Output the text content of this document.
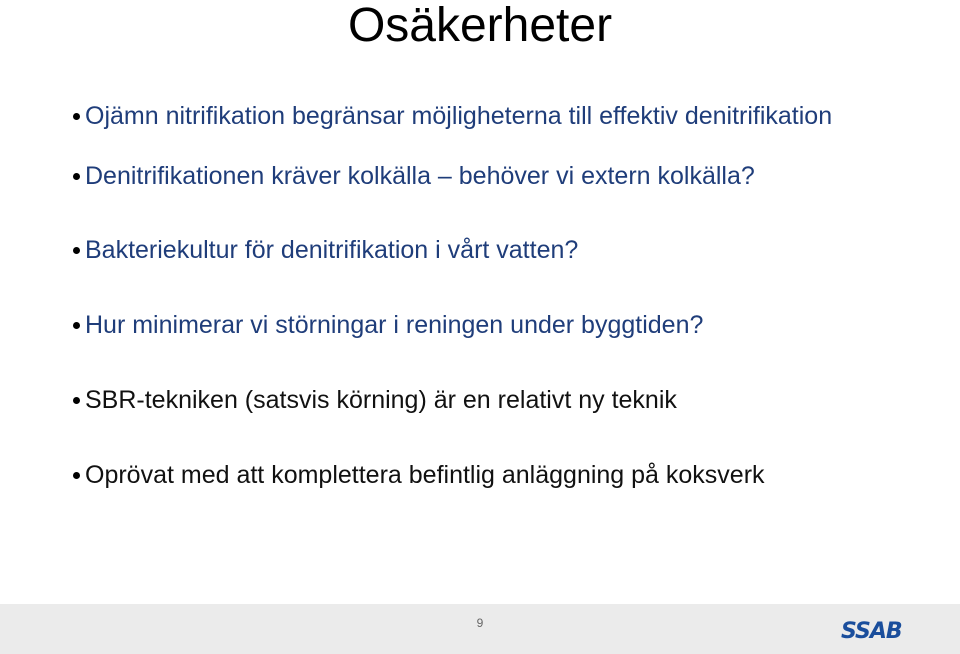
Osäkerheter
Ojämn nitrifikation begränsar möjligheterna till effektiv denitrifikation
Denitrifikationen kräver kolkälla – behöver vi extern kolkälla?
Bakteriekultur för denitrifikation i vårt vatten?
Hur minimerar vi störningar i reningen under byggtiden?
SBR-tekniken (satsvis körning) är en relativt ny teknik
Oprövat med att komplettera befintlig anläggning på koksverk
9	SSAB
